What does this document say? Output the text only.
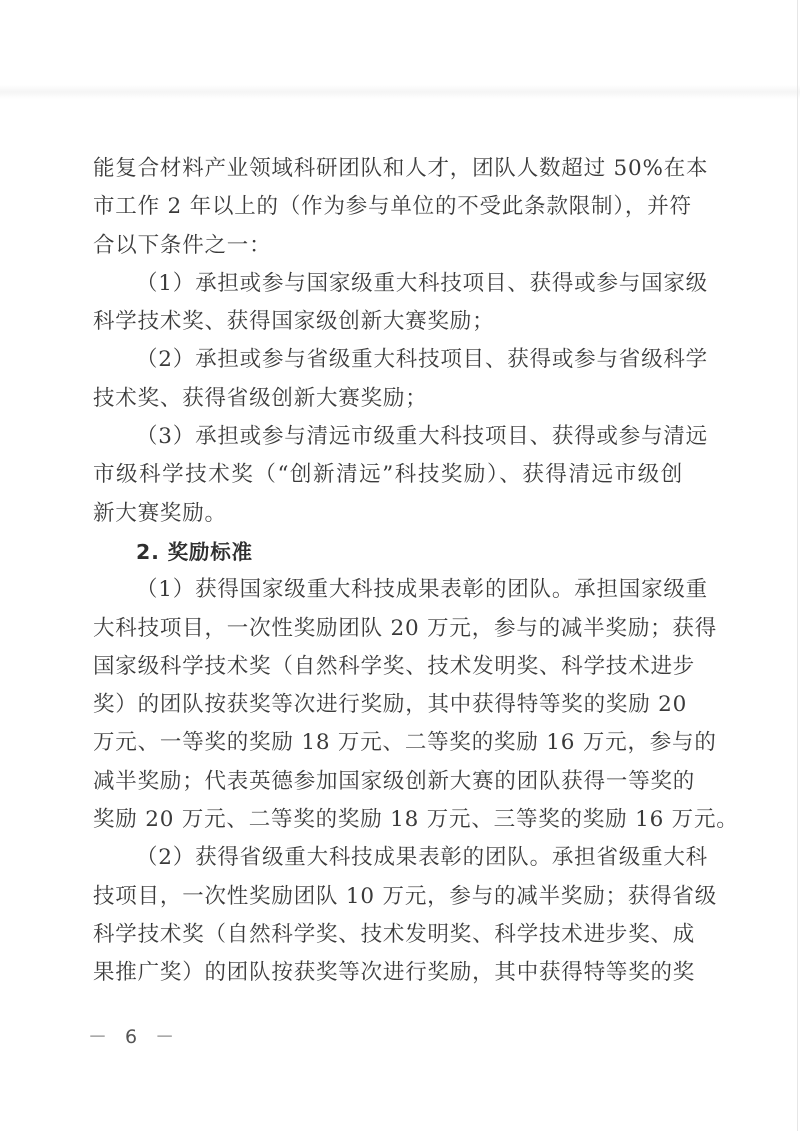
能复合材料产业领域科研团队和人才，团队人数超过 50%在本
市工作 2 年以上的（作为参与单位的不受此条款限制），并符
合以下条件之一：
（1）承担或参与国家级重大科技项目、获得或参与国家级
科学技术奖、获得国家级创新大赛奖励；
（2）承担或参与省级重大科技项目、获得或参与省级科学
技术奖、获得省级创新大赛奖励；
（3）承担或参与清远市级重大科技项目、获得或参与清远
市级科学技术奖（“创新清远”科技奖励）、获得清远市级创
新大赛奖励。
2. 奖励标准
（1）获得国家级重大科技成果表彰的团队。承担国家级重
大科技项目，一次性奖励团队 20 万元，参与的减半奖励；获得
国家级科学技术奖（自然科学奖、技术发明奖、科学技术进步
奖）的团队按获奖等次进行奖励，其中获得特等奖的奖励 20
万元、一等奖的奖励 18 万元、二等奖的奖励 16 万元，参与的
减半奖励；代表英德参加国家级创新大赛的团队获得一等奖的
奖励 20 万元、二等奖的奖励 18 万元、三等奖的奖励 16 万元。
（2）获得省级重大科技成果表彰的团队。承担省级重大科
技项目，一次性奖励团队 10 万元，参与的减半奖励；获得省级
科学技术奖（自然科学奖、技术发明奖、科学技术进步奖、成
果推广奖）的团队按获奖等次进行奖励，其中获得特等奖的奖
－ 6 －
